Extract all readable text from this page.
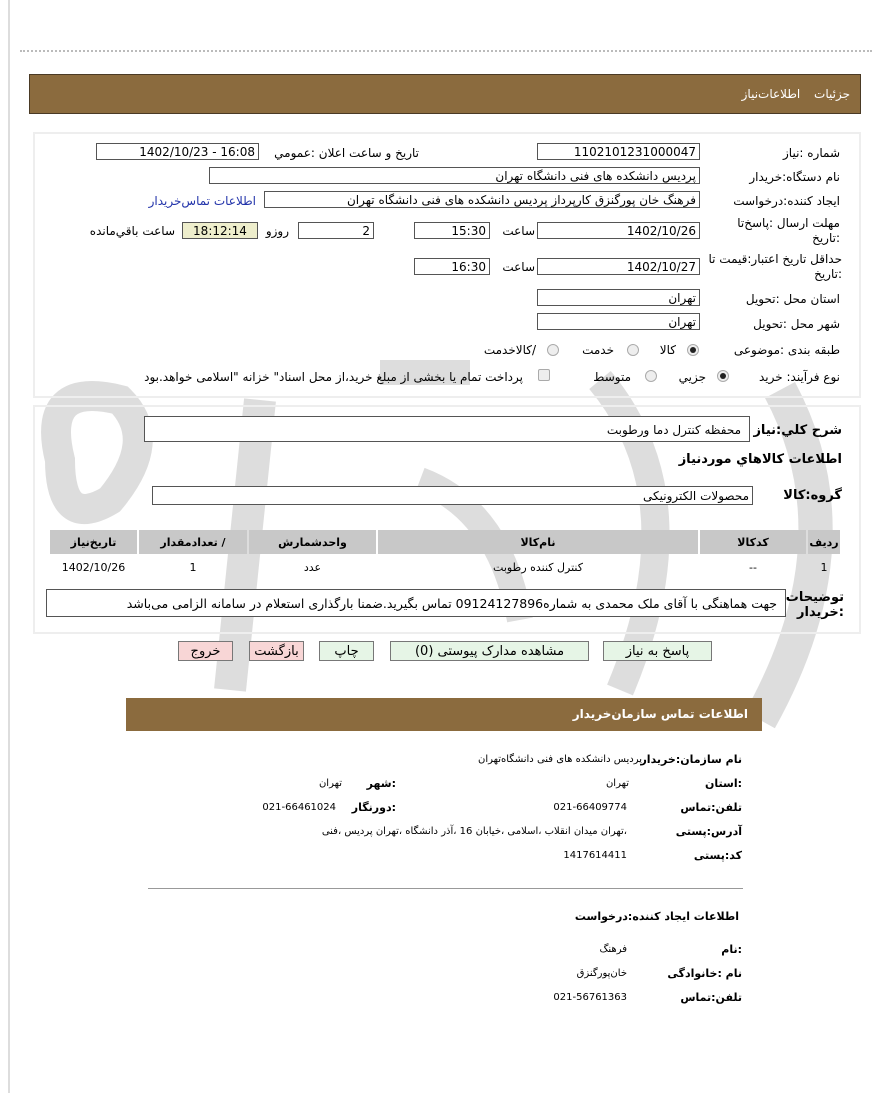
جزئیات اطلاعات‌نیاز
شماره :نیاز
1102101231000047
تاریخ و ساعت اعلان :عمومي
1402/10/23 - 16:08
نام دستگاه:خریدار
پردیس دانشکده های فنی دانشگاه تهران
ایجاد کننده:درخواست
فرهنگ خان پورگنزق کارپرداز پردیس دانشکده های فنی دانشگاه تهران
اطلاعات تماس‌خریدار
مهلت ارسال :پاسخ‌تا :تاریخ
1402/10/26
ساعت
15:30
2
روزو
18:12:14
ساعت باقي‌مانده
حداقل تاریخ اعتبار:قیمت تا :تاریخ
1402/10/27
ساعت
16:30
استان محل :تحویل
تهران
شهر محل :تحویل
تهران
طبقه بندی :موضوعی
کالا
خدمت
/کالاخدمت
نوع فرآیند: خرید
جزيي
متوسط
پرداخت تمام یا بخشی از مبلغ خرید،از محل اسناد" خزانه "اسلامی خواهد.بود
شرح کلي:نیاز
محفظه کنترل دما ورطوبت
اطلاعات کالاهاي موردنیاز
گروه:کالا
محصولات الکترونیکی
ردیف	کدکالا	نام‌کالا	واحدشمارش	/ تعدادمقدار	تاریخ‌نیاز
1	--	کنترل کننده رطوبت	عدد	1	1402/10/26
توضیحات :خریدار
جهت هماهنگی با آقای ملک محمدی به شماره09124127896 تماس بگیرید.ضمنا بارگذاری استعلام در سامانه الزامی می‌باشد
پاسخ به نیاز
مشاهده مدارک پیوستی (0)
چاپ
بازگشت
خروج
اطلاعات تماس سازمان‌خریدار
نام سازمان:خریدار
پردیس دانشکده های فنی دانشگاه‌تهران
:استان
تهران
:شهر
تهران
تلفن:تماس
021-66409774
:دورنگار
021-66461024
آدرس:پستی
،تهران میدان انقلاب ،اسلامی ،خیابان 16 ،آذر دانشگاه ،تهران پردیس ،فنی
کد:پستی
1417614411
اطلاعات ایجاد کننده:درخواست
:نام
فرهنگ
نام :خانوادگی
خان‌پورگنزق
تلفن:تماس
021-56761363
